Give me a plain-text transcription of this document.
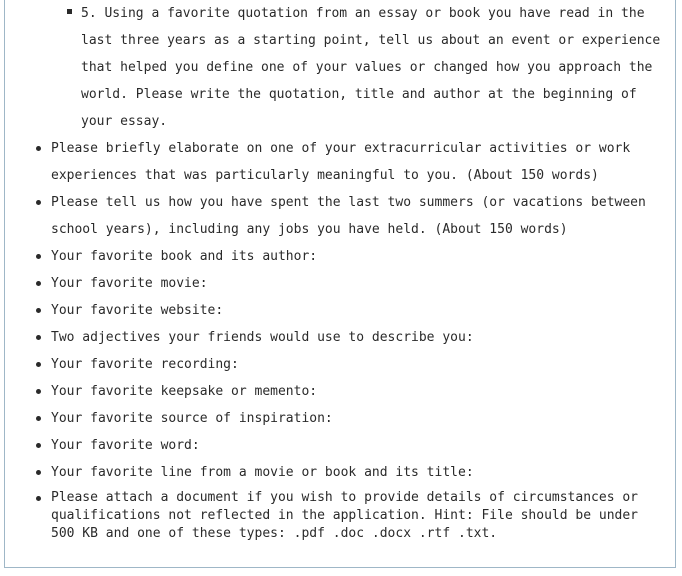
5. Using a favorite quotation from an essay or book you have read in the last three years as a starting point, tell us about an event or experience that helped you define one of your values or changed how you approach the world. Please write the quotation, title and author at the beginning of your essay.
Please briefly elaborate on one of your extracurricular activities or work experiences that was particularly meaningful to you. (About 150 words)
Please tell us how you have spent the last two summers (or vacations between school years), including any jobs you have held. (About 150 words)
Your favorite book and its author:
Your favorite movie:
Your favorite website:
Two adjectives your friends would use to describe you:
Your favorite recording:
Your favorite keepsake or memento:
Your favorite source of inspiration:
Your favorite word:
Your favorite line from a movie or book and its title:
Please attach a document if you wish to provide details of circumstances or qualifications not reflected in the application. Hint: File should be under 500 KB and one of these types: .pdf .doc .docx .rtf .txt.
